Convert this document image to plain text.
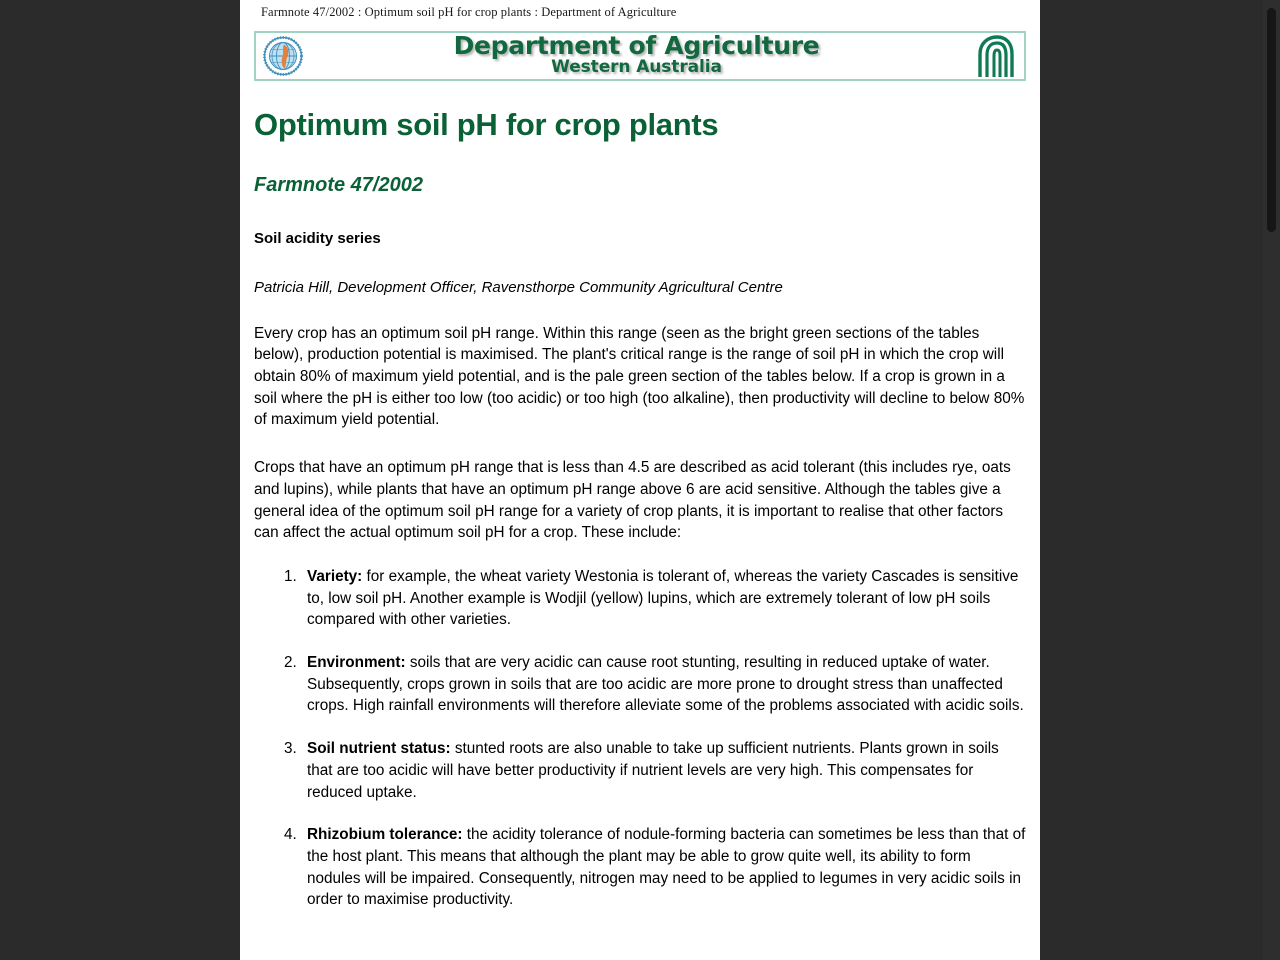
Farmnote 47/2002 : Optimum soil pH for crop plants : Department of Agriculture
Department of Agriculture
Western Australia
Optimum soil pH for crop plants
Farmnote 47/2002
Soil acidity series

Patricia Hill, Development Officer, Ravensthorpe Community Agricultural Centre

Every crop has an optimum soil pH range. Within this range (seen as the bright green sections of the tables below), production potential is maximised. The plant's critical range is the range of soil pH in which the crop will obtain 80% of maximum yield potential, and is the pale green section of the tables below. If a crop is grown in a soil where the pH is either too low (too acidic) or too high (too alkaline), then productivity will decline to below 80% of maximum yield potential.

Crops that have an optimum pH range that is less than 4.5 are described as acid tolerant (this includes rye, oats and lupins), while plants that have an optimum pH range above 6 are acid sensitive. Although the tables give a general idea of the optimum soil pH range for a variety of crop plants, it is important to realise that other factors can affect the actual optimum soil pH for a crop. These include:

1. Variety: for example, the wheat variety Westonia is tolerant of, whereas the variety Cascades is sensitive to, low soil pH. Another example is Wodjil (yellow) lupins, which are extremely tolerant of low pH soils compared with other varieties.
2. Environment: soils that are very acidic can cause root stunting, resulting in reduced uptake of water. Subsequently, crops grown in soils that are too acidic are more prone to drought stress than unaffected crops. High rainfall environments will therefore alleviate some of the problems associated with acidic soils.
3. Soil nutrient status: stunted roots are also unable to take up sufficient nutrients. Plants grown in soils that are too acidic will have better productivity if nutrient levels are very high. This compensates for reduced uptake.
4. Rhizobium tolerance: the acidity tolerance of nodule-forming bacteria can sometimes be less than that of the host plant. This means that although the plant may be able to grow quite well, its ability to form nodules will be impaired. Consequently, nitrogen may need to be applied to legumes in very acidic soils in order to maximise productivity.
